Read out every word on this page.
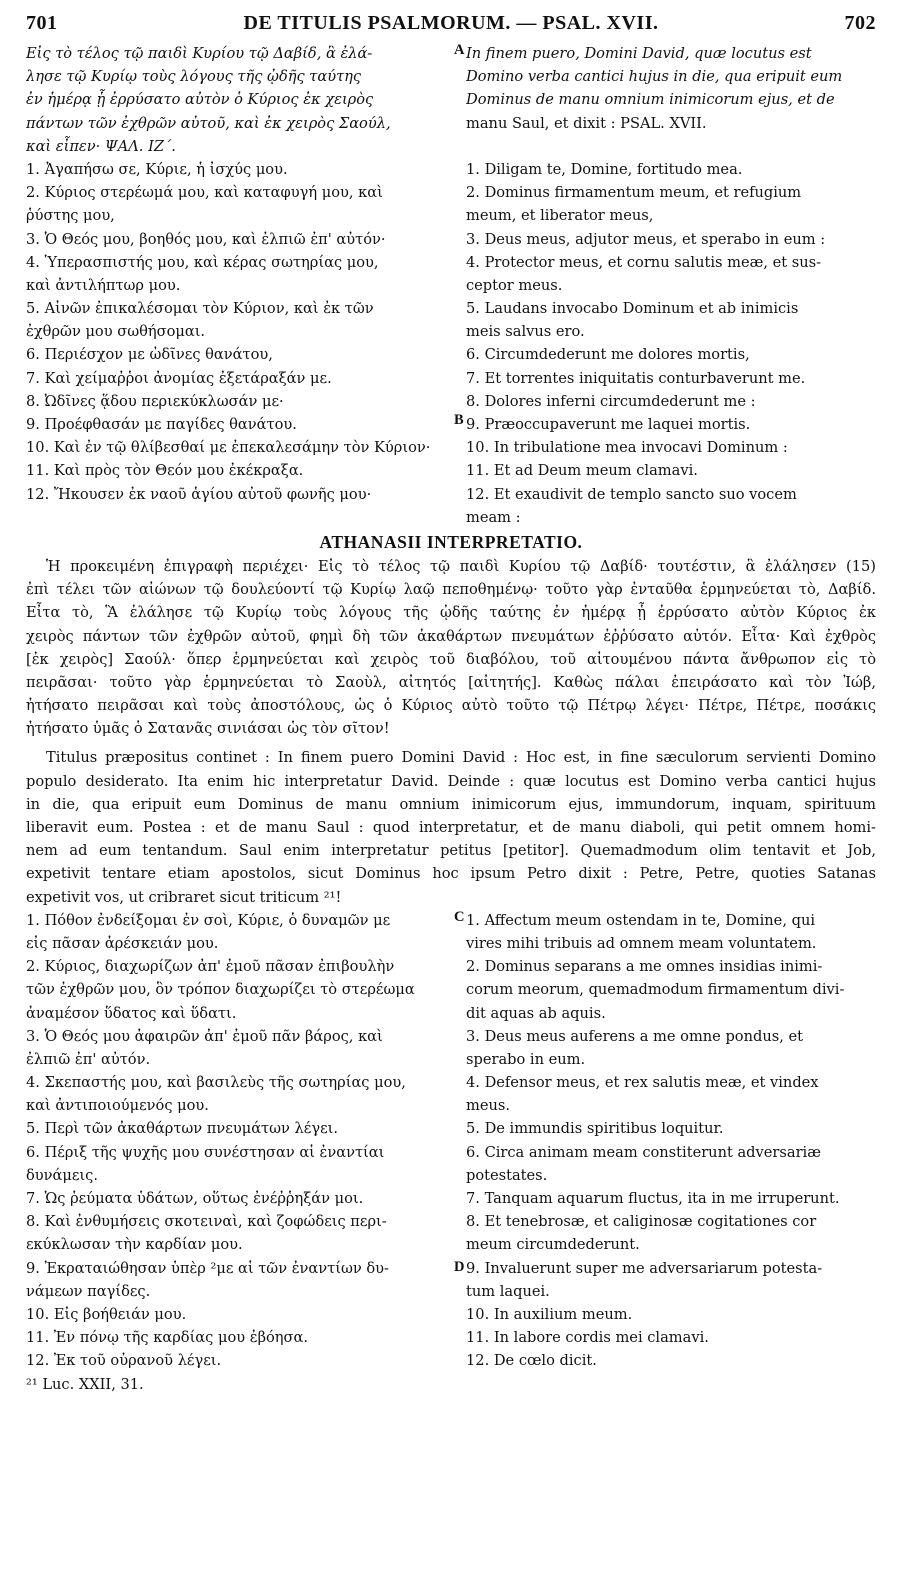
701	DE TITULIS PSALMORUM. — PSAL. XVII.	702
A
B
Εἰς τὸ τέλος τῷ παιδὶ Κυρίου τῷ Δαβίδ, ἃ ἐλά-
λησε τῷ Κυρίῳ τοὺς λόγους τῆς ᾠδῆς ταύτης
ἐν ἡμέρᾳ ᾗ ἐρρύσατο αὐτὸν ὁ Κύριος ἐκ χειρὸς
πάντων τῶν ἐχθρῶν αὐτοῦ, καὶ ἐκ χειρὸς Σαούλ,
καὶ εἶπεν· ΨΑΛ. ΙΖ΄.
1. Ἀγαπήσω σε, Κύριε, ἡ ἰσχύς μου.
2. Κύριος στερέωμά μου, καὶ καταφυγή μου, καὶ
ῥύστης μου,
3. Ὁ Θεός μου, βοηθός μου, καὶ ἐλπιῶ ἐπ' αὐτόν·
4. Ὑπερασπιστής μου, καὶ κέρας σωτηρίας μου,
καὶ ἀντιλήπτωρ μου.
5. Αἰνῶν ἐπικαλέσομαι τὸν Κύριον, καὶ ἐκ τῶν
ἐχθρῶν μου σωθήσομαι.
6. Περιέσχον με ὠδῖνες θανάτου,
7. Καὶ χείμαῤῥοι ἀνομίας ἐξετάραξάν με.
8. Ὠδῖνες ᾅδου περιεκύκλωσάν με·
9. Προέφθασάν με παγίδες θανάτου.
10. Καὶ ἐν τῷ θλίβεσθαί με ἐπεκαλεσάμην τὸν Κύριον·
11. Καὶ πρὸς τὸν Θεόν μου ἐκέκραξα.
12. Ἤκουσεν ἐκ ναοῦ ἁγίου αὐτοῦ φωνῆς μου·
In finem puero, Domini David, quæ locutus est
Domino verba cantici hujus in die, qua eripuit eum
Dominus de manu omnium inimicorum ejus, et de
manu Saul, et dixit : PSAL. XVII.
1. Diligam te, Domine, fortitudo mea.
2. Dominus firmamentum meum, et refugium
meum, et liberator meus,
3. Deus meus, adjutor meus, et sperabo in eum :
4. Protector meus, et cornu salutis meæ, et sus-
ceptor meus.
5. Laudans invocabo Dominum et ab inimicis
meis salvus ero.
6. Circumdederunt me dolores mortis,
7. Et torrentes iniquitatis conturbaverunt me.
8. Dolores inferni circumdederunt me :
9. Præoccupaverunt me laquei mortis.
10. In tribulatione mea invocavi Dominum :
11. Et ad Deum meum clamavi.
12. Et exaudivit de templo sancto suo vocem
meam :
ATHANASII INTERPRETATIO.
Ἡ προκειμένη ἐπιγραφὴ περιέχει· Εἰς τὸ τέλος τῷ παιδὶ Κυρίου τῷ Δαβίδ· τουτέστιν, ἃ ἐλάλησεν (15)
ἐπὶ τέλει τῶν αἰώνων τῷ δουλεύοντί τῷ Κυρίῳ λαῷ πεποθημένῳ· τοῦτο γὰρ ἐνταῦθα ἑρμηνεύεται τὸ, Δαβίδ.
Εἶτα τὸ, Ἃ ἐλάλησε τῷ Κυρίῳ τοὺς λόγους τῆς ᾠδῆς ταύτης ἐν ἡμέρᾳ ᾗ ἐρρύσατο αὐτὸν Κύριος ἐκ
χειρὸς πάντων τῶν ἐχθρῶν αὐτοῦ, φημὶ δὴ τῶν ἀκαθάρτων πνευμάτων ἐῤῥύσατο αὐτόν. Εἶτα· Καὶ ἐχθρὸς
[ἐκ χειρὸς] Σαούλ· ὅπερ ἑρμηνεύεται καὶ χειρὸς τοῦ διαβόλου, τοῦ αἰτουμένου πάντα ἄνθρωπον εἰς τὸ
πειρᾶσαι· τοῦτο γὰρ ἑρμηνεύεται τὸ Σαοὺλ, αἰτητός [αἰτητής]. Καθὼς πάλαι ἐπειράσατο καὶ τὸν Ἰώβ,
ἠτήσατο πειρᾶσαι καὶ τοὺς ἀποστόλους, ὡς ὁ Κύριος αὐτὸ τοῦτο τῷ Πέτρῳ λέγει· Πέτρε, Πέτρε, ποσάκις
ἠτήσατο ὑμᾶς ὁ Σατανᾶς σινιάσαι ὡς τὸν σῖτον!
Titulus præpositus continet : In finem puero Domini David : Hoc est, in fine sæculorum servienti Domino
populo desiderato. Ita enim hic interpretatur David. Deinde : quæ locutus est Domino verba cantici hujus
in die, qua eripuit eum Dominus de manu omnium inimicorum ejus, immundorum, inquam, spirituum
liberavit eum. Postea : et de manu Saul : quod interpretatur, et de manu diaboli, qui petit omnem homi-
nem ad eum tentandum. Saul enim interpretatur petitus [petitor]. Quemadmodum olim tentavit et Job,
expetivit tentare etiam apostolos, sicut Dominus hoc ipsum Petro dixit : Petre, Petre, quoties Satanas
expetivit vos, ut cribraret sicut triticum ²¹!
C
D
1. Πόθον ἐνδείξομαι ἐν σοὶ, Κύριε, ὁ δυναμῶν με
εἰς πᾶσαν ἀρέσκειάν μου.
2. Κύριος, διαχωρίζων ἀπ' ἐμοῦ πᾶσαν ἐπιβουλὴν
τῶν ἐχθρῶν μου, ὃν τρόπον διαχωρίζει τὸ στερέωμα
ἀναμέσον ὕδατος καὶ ὕδατι.
3. Ὁ Θεός μου ἀφαιρῶν ἀπ' ἐμοῦ πᾶν βάρος, καὶ
ἐλπιῶ ἐπ' αὐτόν.
4. Σκεπαστής μου, καὶ βασιλεὺς τῆς σωτηρίας μου,
καὶ ἀντιποιούμενός μου.
5. Περὶ τῶν ἀκαθάρτων πνευμάτων λέγει.
6. Πέριξ τῆς ψυχῆς μου συνέστησαν αἱ ἐναντίαι
δυνάμεις.
7. Ὡς ῥεύματα ὑδάτων, οὕτως ἐνέῤῥηξάν μοι.
8. Καὶ ἐνθυμήσεις σκοτειναὶ, καὶ ζοφώδεις περι-
εκύκλωσαν τὴν καρδίαν μου.
9. Ἐκραταιώθησαν ὑπὲρ ²με αἱ τῶν ἐναντίων δυ-
νάμεων παγίδες.
10. Εἰς βοήθειάν μου.
11. Ἐν πόνῳ τῆς καρδίας μου ἐβόησα.
12. Ἐκ τοῦ οὐρανοῦ λέγει.
²¹ Luc. XXII, 31.
1. Affectum meum ostendam in te, Domine, qui
vires mihi tribuis ad omnem meam voluntatem.
2. Dominus separans a me omnes insidias inimi-
corum meorum, quemadmodum firmamentum divi-
dit aquas ab aquis.
3. Deus meus auferens a me omne pondus, et
sperabo in eum.
4. Defensor meus, et rex salutis meæ, et vindex
meus.
5. De immundis spiritibus loquitur.
6. Circa animam meam constiterunt adversariæ
potestates.
7. Tanquam aquarum fluctus, ita in me irruperunt.
8. Et tenebrosæ, et caliginosæ cogitationes cor
meum circumdederunt.
9. Invaluerunt super me adversariarum potesta-
tum laquei.
10. In auxilium meum.
11. In labore cordis mei clamavi.
12. De cœlo dicit.
